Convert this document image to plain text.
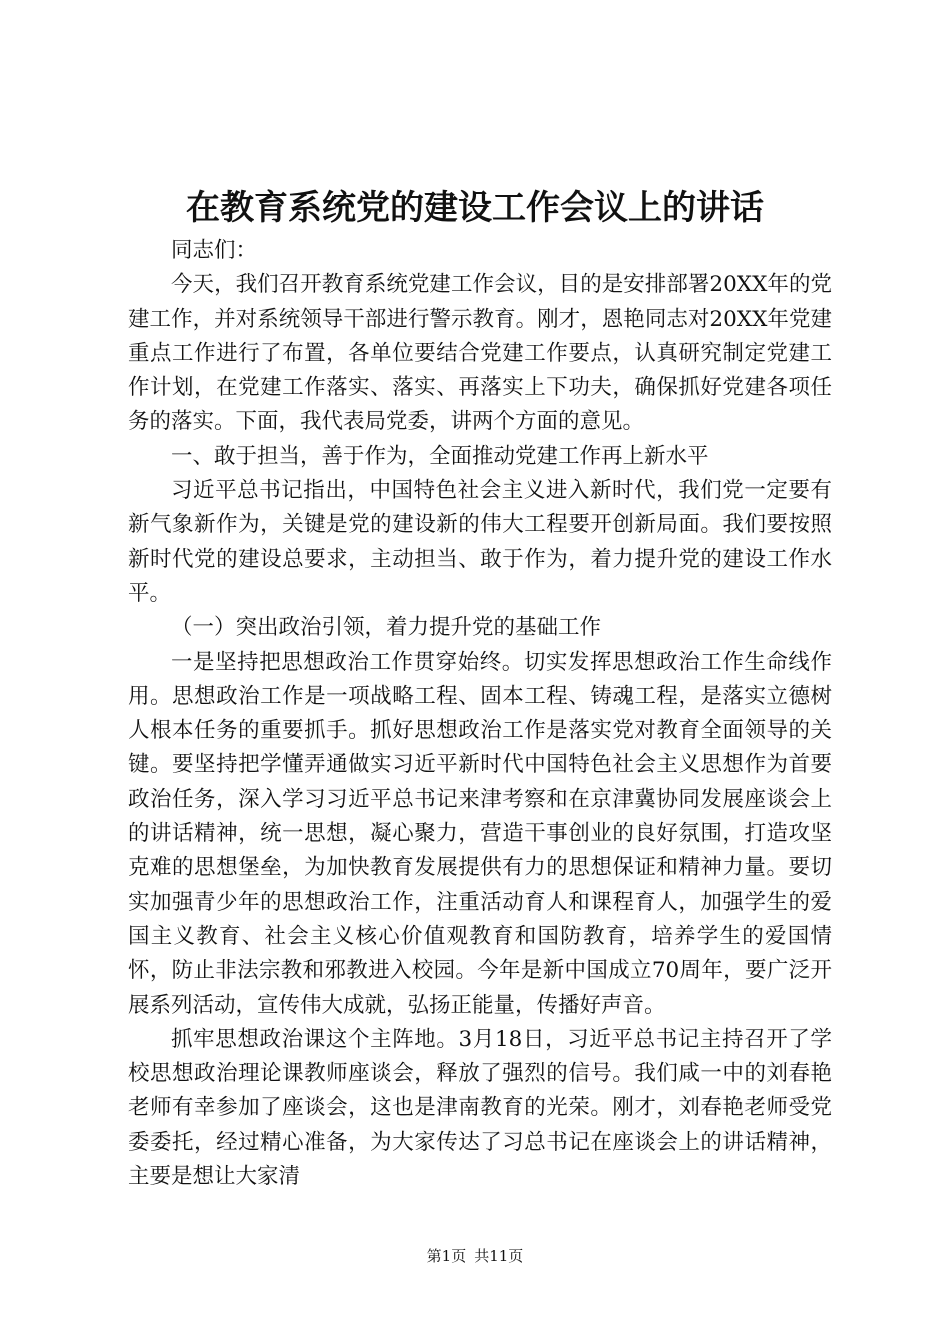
在教育系统党的建设工作会议上的讲话

同志们：

今天，我们召开教育系统党建工作会议，目的是安排部署20XX年的党建工作，并对系统领导干部进行警示教育。刚才，恩艳同志对20XX年党建重点工作进行了布置，各单位要结合党建工作要点，认真研究制定党建工作计划，在党建工作落实、落实、再落实上下功夫，确保抓好党建各项任务的落实。下面，我代表局党委，讲两个方面的意见。

一、敢于担当，善于作为，全面推动党建工作再上新水平

习近平总书记指出，中国特色社会主义进入新时代，我们党一定要有新气象新作为，关键是党的建设新的伟大工程要开创新局面。我们要按照新时代党的建设总要求，主动担当、敢于作为，着力提升党的建设工作水平。

（一）突出政治引领，着力提升党的基础工作

一是坚持把思想政治工作贯穿始终。切实发挥思想政治工作生命线作用。思想政治工作是一项战略工程、固本工程、铸魂工程，是落实立德树人根本任务的重要抓手。抓好思想政治工作是落实党对教育全面领导的关键。要坚持把学懂弄通做实习近平新时代中国特色社会主义思想作为首要政治任务，深入学习习近平总书记来津考察和在京津冀协同发展座谈会上的讲话精神，统一思想，凝心聚力，营造干事创业的良好氛围，打造攻坚克难的思想堡垒，为加快教育发展提供有力的思想保证和精神力量。要切实加强青少年的思想政治工作，注重活动育人和课程育人，加强学生的爱国主义教育、社会主义核心价值观教育和国防教育，培养学生的爱国情怀，防止非法宗教和邪教进入校园。今年是新中国成立70周年，要广泛开展系列活动，宣传伟大成就，弘扬正能量，传播好声音。

抓牢思想政治课这个主阵地。3月18日，习近平总书记主持召开了学校思想政治理论课教师座谈会，释放了强烈的信号。我们咸一中的刘春艳老师有幸参加了座谈会，这也是津南教育的光荣。刚才，刘春艳老师受党委委托，经过精心准备，为大家传达了习总书记在座谈会上的讲话精神，主要是想让大家清

第1页 共11页
